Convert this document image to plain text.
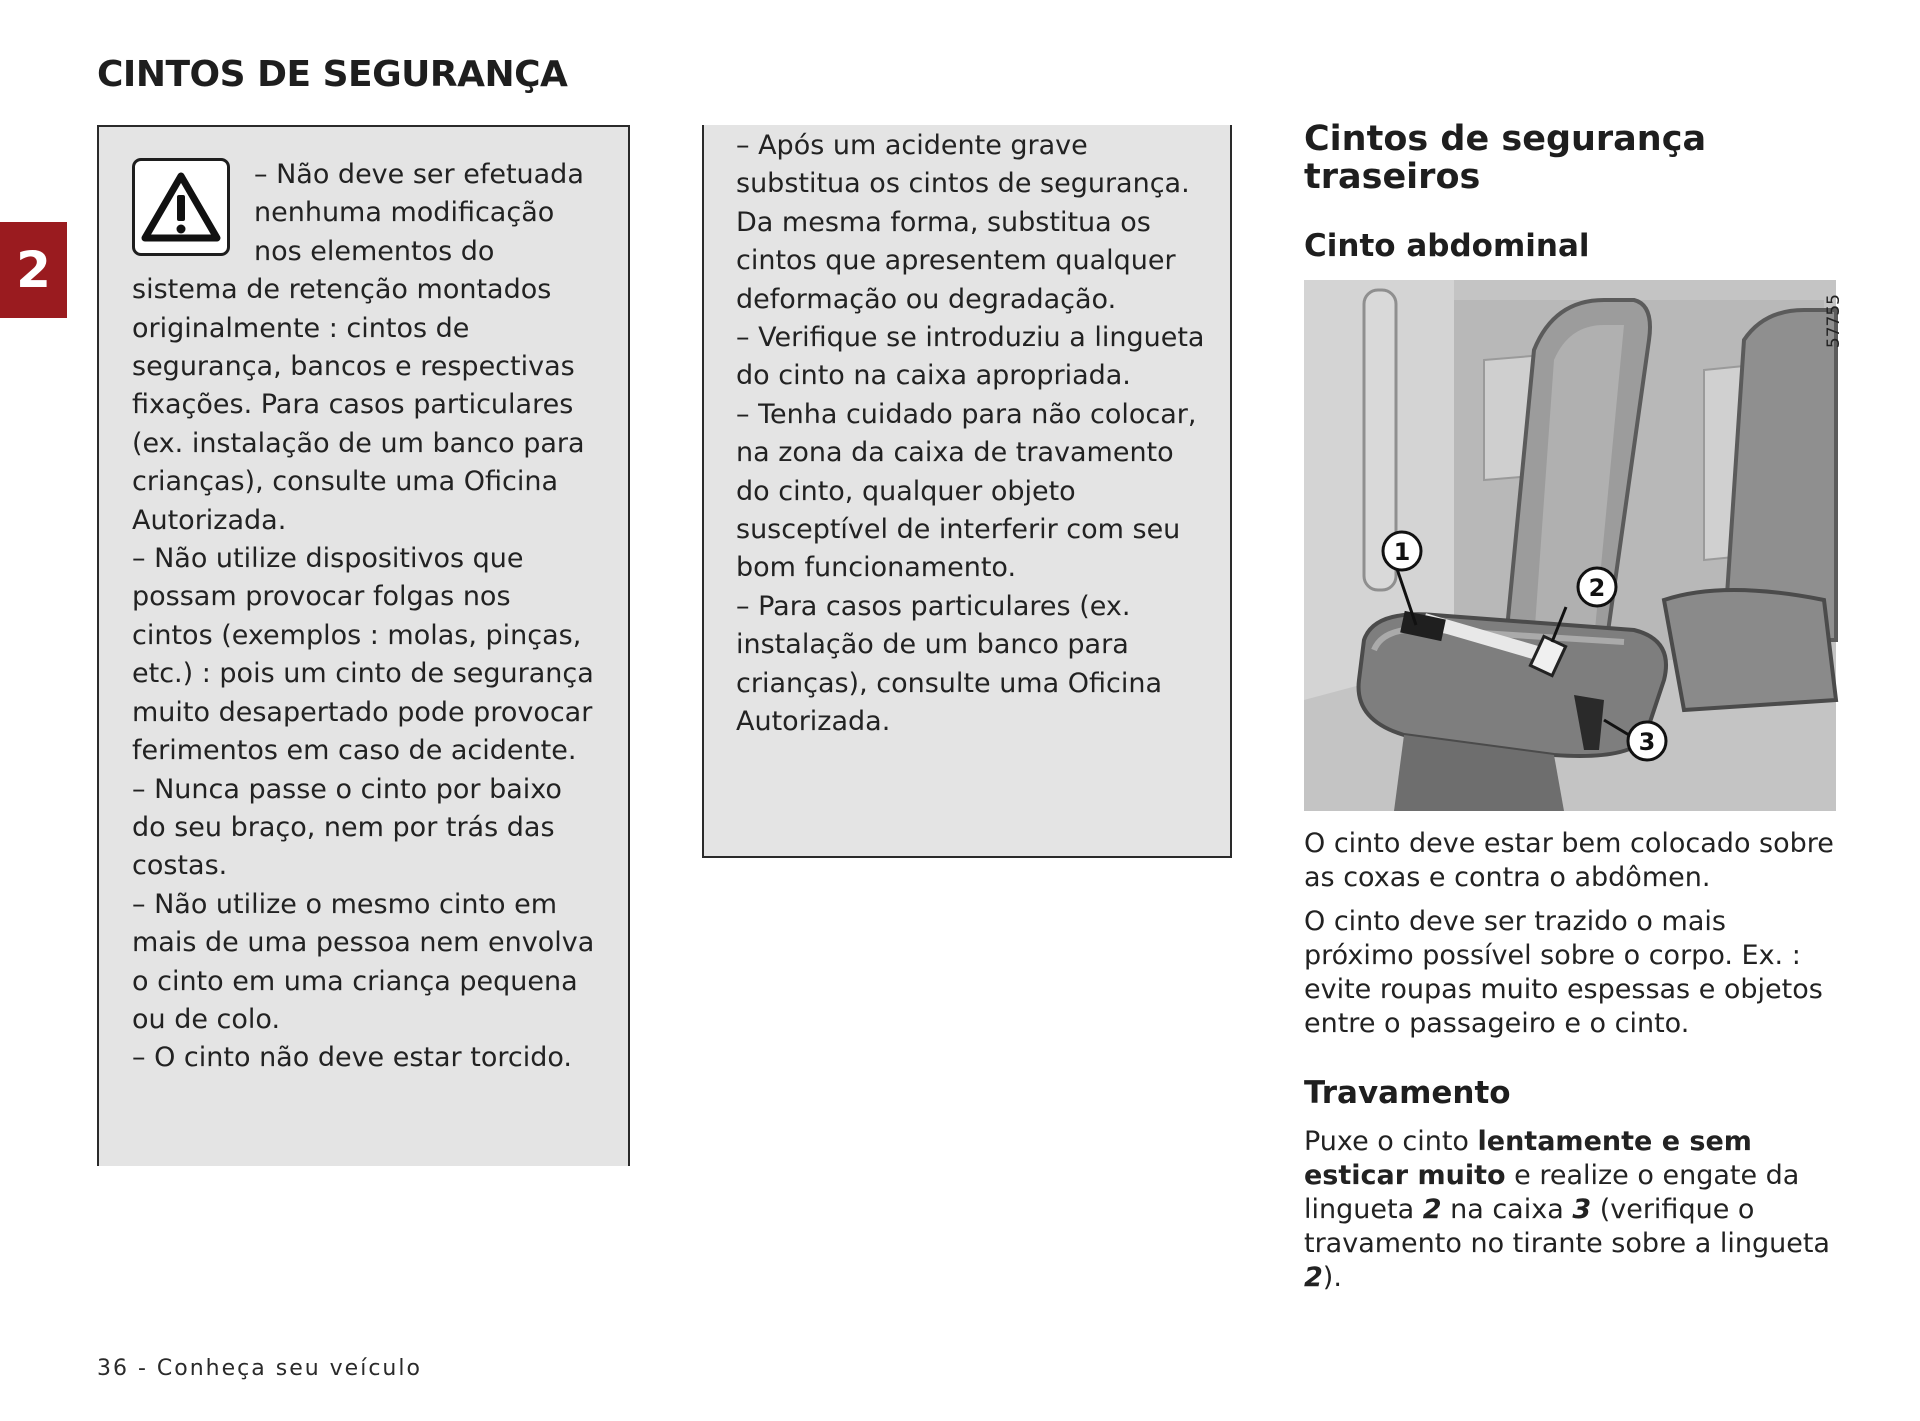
CINTOS DE SEGURANÇA
2

– Não deve ser efetuada nenhuma modificação nos elementos do sistema de retenção montados originalmente : cintos de segurança, bancos e respectivas fixações. Para casos particulares (ex. instalação de um banco para crianças), consulte uma Oficina Autorizada.

– Não utilize dispositivos que possam provocar folgas nos cintos (exemplos : molas, pinças, etc.) : pois um cinto de segurança muito desapertado pode provocar ferimentos em caso de acidente.

– Nunca passe o cinto por baixo do seu braço, nem por trás das costas.

– Não utilize o mesmo cinto em mais de uma pessoa nem envolva o cinto em uma criança pequena ou de colo.

– O cinto não deve estar torcido.

– Após um acidente grave substitua os cintos de segurança. Da mesma forma, substitua os cintos que apresentem qualquer deformação ou degradação.

– Verifique se introduziu a lingueta do cinto na caixa apropriada.

– Tenha cuidado para não colocar, na zona da caixa de travamento do cinto, qualquer objeto susceptível de interferir com seu bom funcionamento.

– Para casos particulares (ex. instalação de um banco para crianças), consulte uma Oficina Autorizada.

Cintos de segurança traseiros
Cinto abdominal
1
2
3
57755

O cinto deve estar bem colocado sobre as coxas e contra o abdômen.

O cinto deve ser trazido o mais próximo possível sobre o corpo. Ex. : evite roupas muito espessas e objetos entre o passageiro e o cinto.

Travamento

Puxe o cinto lentamente e sem esticar muito e realize o engate da lingueta 2 na caixa 3 (verifique o travamento no tirante sobre a lingueta 2).

36 - Conheça seu veículo
